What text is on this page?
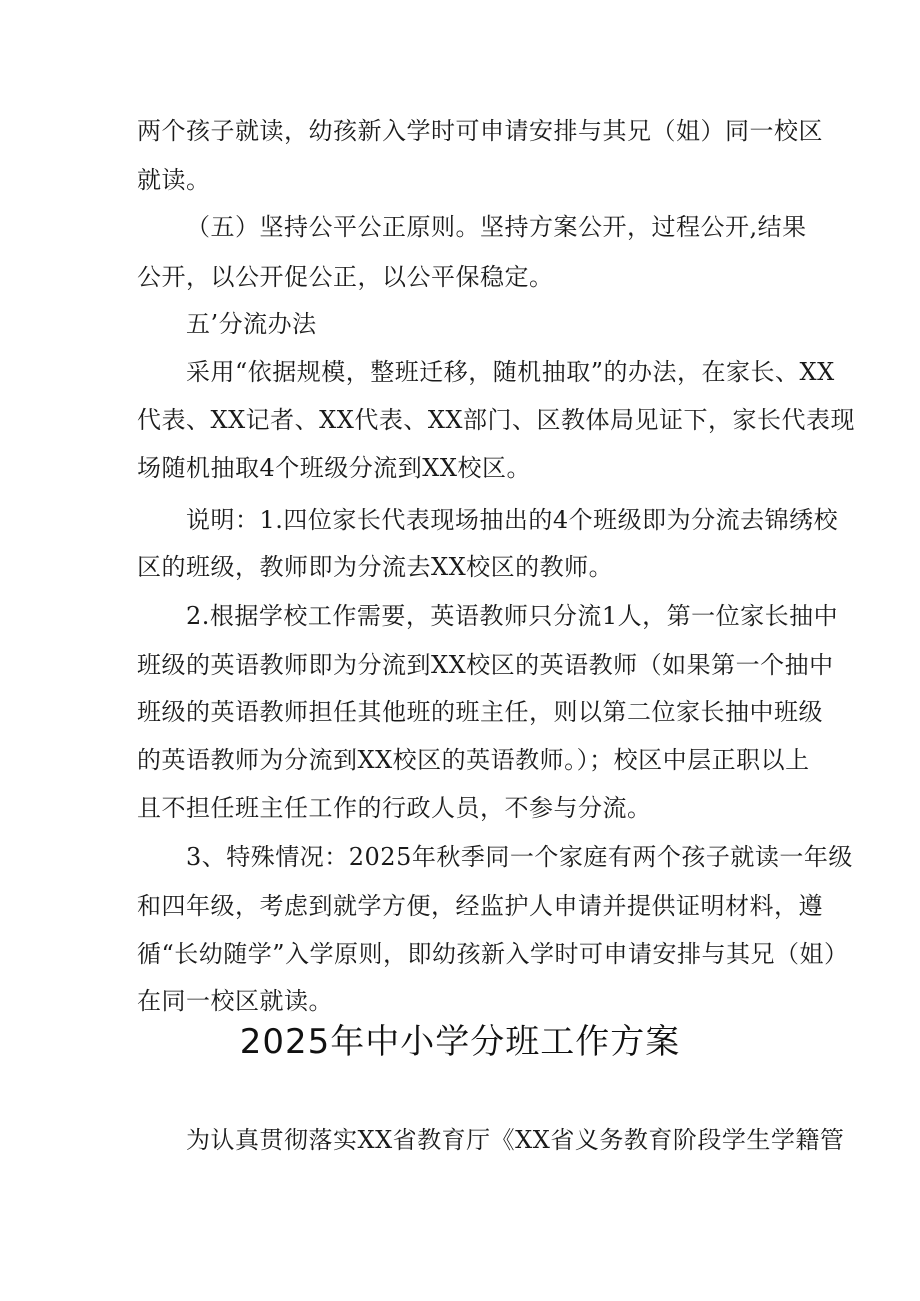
两个孩子就读，幼孩新入学时可申请安排与其兄（姐）同一校区
就读。
（五）坚持公平公正原则。坚持方案公开，过程公开,结果
公开，以公开促公正，以公平保稳定。
五’分流办法
采用“依据规模，整班迁移，随机抽取”的办法，在家长、XX
代表、XX记者、XX代表、XX部门、区教体局见证下，家长代表现
场随机抽取4个班级分流到XX校区。
说明：1.四位家长代表现场抽出的4个班级即为分流去锦绣校
区的班级，教师即为分流去XX校区的教师。
2.根据学校工作需要，英语教师只分流1人，第一位家长抽中
班级的英语教师即为分流到XX校区的英语教师（如果第一个抽中
班级的英语教师担任其他班的班主任，则以第二位家长抽中班级
的英语教师为分流到XX校区的英语教师。）；校区中层正职以上
且不担任班主任工作的行政人员，不参与分流。
3、特殊情况：2025年秋季同一个家庭有两个孩子就读一年级
和四年级，考虑到就学方便，经监护人申请并提供证明材料，遵
循“长幼随学”入学原则，即幼孩新入学时可申请安排与其兄（姐）
在同一校区就读。
2025年中小学分班工作方案
为认真贯彻落实XX省教育厅《XX省义务教育阶段学生学籍管
